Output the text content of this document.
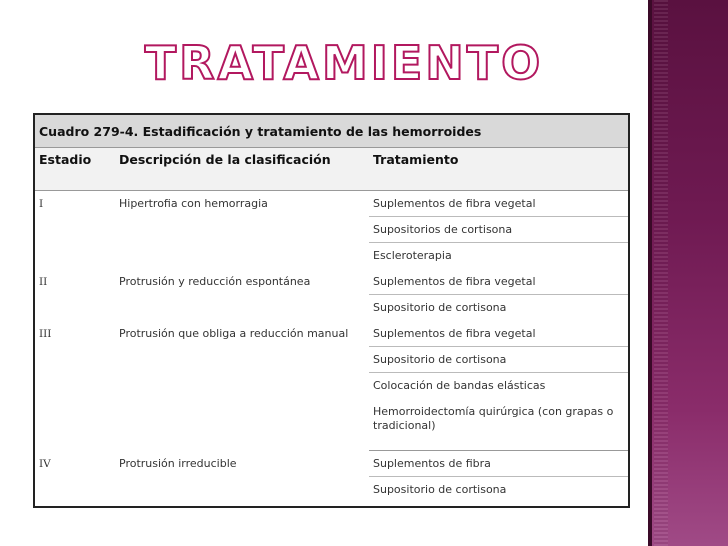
TRATAMIENTO
Cuadro 279-4. Estadificación y tratamiento de las hemorroides		
Estadio	Descripción de la clasificación	Tratamiento
I	Hipertrofia con hemorragia	Suplementos de fibra vegetal
		Supositorios de cortisona
		Escleroterapia
II	Protrusión y reducción espontánea	Suplementos de fibra vegetal
		Supositorio de cortisona
III	Protrusión que obliga a reducción manual	Suplementos de fibra vegetal
		Supositorio de cortisona
		Colocación de bandas elásticas
		Hemorroidectomía quirúrgica (con grapas o tradicional)
IV	Protrusión irreducible	Suplementos de fibra
		Supositorio de cortisona
